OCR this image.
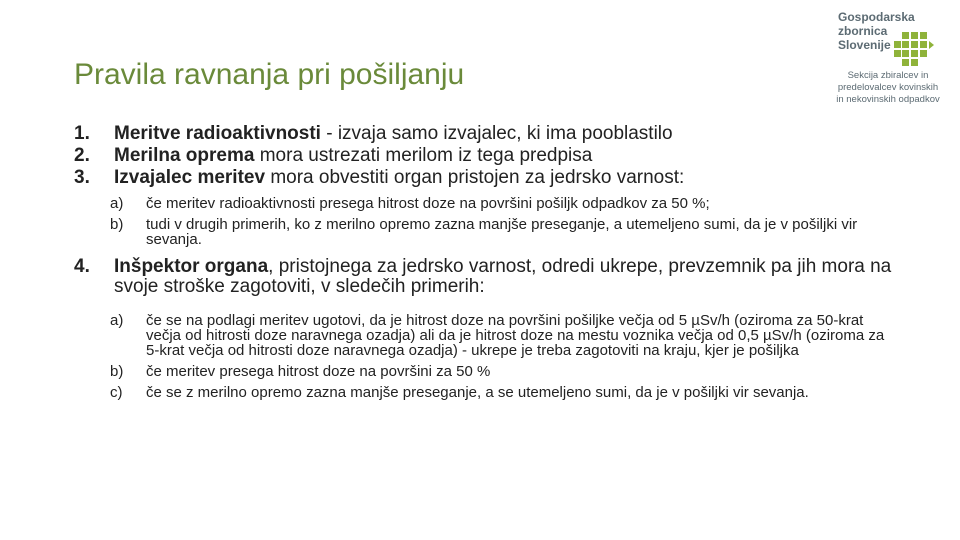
Pravila ravnanja pri pošiljanju
Gospodarska
zbornica
Slovenije
Sekcija zbiralcev in
predelovalcev kovinskih
in nekovinskih odpadkov
1. Meritve radioaktivnosti - izvaja samo izvajalec, ki ima pooblastilo
2. Merilna oprema mora ustrezati merilom iz tega predpisa
3. Izvajalec meritev mora obvestiti organ pristojen za jedrsko varnost:
a) če meritev radioaktivnosti presega hitrost doze na površini pošiljk odpadkov za 50 %;
b) tudi v drugih primerih, ko z merilno opremo zazna manjše preseganje, a utemeljeno sumi, da je v pošiljki vir sevanja.
4. Inšpektor organa, pristojnega za jedrsko varnost, odredi ukrepe, prevzemnik pa jih mora na svoje stroške zagotoviti, v sledečih primerih:
a) če se na podlagi meritev ugotovi, da je hitrost doze na površini pošiljke večja od 5 µSv/h (oziroma za 50-krat večja od hitrosti doze naravnega ozadja) ali da je hitrost doze na mestu voznika večja od 0,5 µSv/h (oziroma za 5-krat večja od hitrosti doze naravnega ozadja) - ukrepe je treba zagotoviti na kraju, kjer je pošiljka
b) če meritev presega hitrost doze na površini za 50 %
c) če se z merilno opremo zazna manjše preseganje, a se utemeljeno sumi, da je v pošiljki vir sevanja.
